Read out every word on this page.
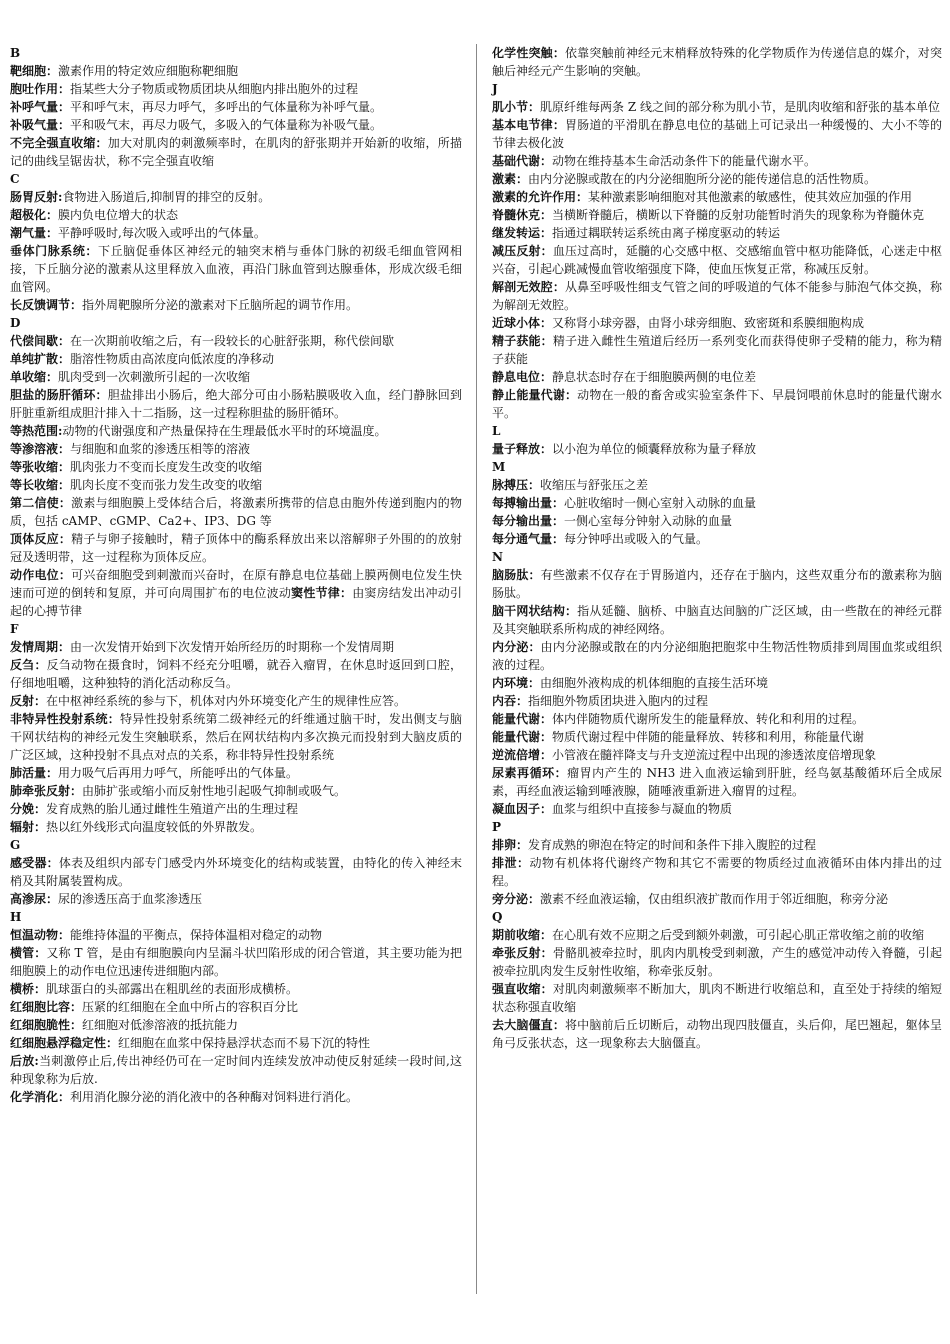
B

靶细胞：激素作用的特定效应细胞称靶细胞

胞吐作用：指某些大分子物质或物质团块从细胞内排出胞外的过程

补呼气量：平和呼气末，再尽力呼气，多呼出的气体量称为补呼气量。

补吸气量：平和吸气末，再尽力吸气，多吸入的气体量称为补吸气量。

不完全强直收缩：加大对肌肉的刺激频率时，在肌肉的舒张期并开始新的收缩，所描记的曲线呈锯齿状，称不完全强直收缩

C

肠胃反射:食物进入肠道后,抑制胃的排空的反射。

超极化：膜内负电位增大的状态

潮气量：平静呼吸时,每次吸入或呼出的气体量。

垂体门脉系统：下丘脑促垂体区神经元的轴突末梢与垂体门脉的初级毛细血管网相接，下丘脑分泌的激素从这里释放入血液，再沿门脉血管到达腺垂体，形成次级毛细血管网。

长反馈调节：指外周靶腺所分泌的激素对下丘脑所起的调节作用。

D

代偿间歇：在一次期前收缩之后，有一段较长的心脏舒张期，称代偿间歇

单纯扩散：脂溶性物质由高浓度向低浓度的净移动

单收缩：肌肉受到一次刺激所引起的一次收缩

胆盐的肠肝循环：胆盐排出小肠后，绝大部分可由小肠粘膜吸收入血，经门静脉回到肝脏重新组成胆汁排入十二指肠，这一过程称胆盐的肠肝循环。

等热范围:动物的代谢强度和产热量保持在生理最低水平时的环境温度。

等渗溶液：与细胞和血浆的渗透压相等的溶液

等张收缩：肌肉张力不变而长度发生改变的收缩

等长收缩：肌肉长度不变而张力发生改变的收缩

第二信使：激素与细胞膜上受体结合后，将激素所携带的信息由胞外传递到胞内的物质，包括 cAMP、cGMP、Ca2+、IP3、DG 等

顶体反应：精子与卵子接触时，精子顶体中的酶系释放出来以溶解卵子外围的的放射冠及透明带，这一过程称为顶体反应。

动作电位：可兴奋细胞受到刺激而兴奋时，在原有静息电位基础上膜两侧电位发生快速而可逆的倒转和复原，并可向周围扩布的电位波动窦性节律：由窦房结发出冲动引起的心搏节律

F

发情周期：由一次发情开始到下次发情开始所经历的时期称一个发情周期

反刍：反刍动物在摄食时，饲料不经充分咀嚼，就吞入瘤胃，在休息时返回到口腔，仔细地咀嚼，这种独特的消化活动称反刍。

反射：在中枢神经系统的参与下，机体对内外环境变化产生的规律性应答。

非特异性投射系统：特异性投射系统第二级神经元的纤维通过脑干时，发出侧支与脑干网状结构的神经元发生突触联系，然后在网状结构内多次换元而投射到大脑皮质的广泛区域，这种投射不具点对点的关系，称非特异性投射系统

肺活量：用力吸气后再用力呼气，所能呼出的气体量。

肺牵张反射：由肺扩张或缩小而反射性地引起吸气抑制或吸气。

分娩：发育成熟的胎儿通过雌性生殖道产出的生理过程

辐射：热以红外线形式向温度较低的外界散发。

G

感受器：体表及组织内部专门感受内外环境变化的结构或装置，由特化的传入神经末梢及其附属装置构成。

高渗尿：尿的渗透压高于血浆渗透压

H

恒温动物：能维持体温的平衡点，保持体温相对稳定的动物

横管：又称 T 管，是由有细胞膜向内呈漏斗状凹陷形成的闭合管道，其主要功能为把细胞膜上的动作电位迅速传进细胞内部。

横桥：肌球蛋白的头部露出在粗肌丝的表面形成横桥。

红细胞比容：压紧的红细胞在全血中所占的容积百分比

红细胞脆性：红细胞对低渗溶液的抵抗能力

红细胞悬浮稳定性：红细胞在血浆中保持悬浮状态而不易下沉的特性

后放:当刺激停止后,传出神经仍可在一定时间内连续发放冲动使反射延续一段时间,这种现象称为后放.

化学消化：利用消化腺分泌的消化液中的各种酶对饲料进行消化。

化学性突触：依靠突触前神经元末梢释放特殊的化学物质作为传递信息的媒介，对突触后神经元产生影响的突触。

J

肌小节：肌原纤维每两条 Z 线之间的部分称为肌小节，是肌肉收缩和舒张的基本单位

基本电节律：胃肠道的平滑肌在静息电位的基础上可记录出一种缓慢的、大小不等的节律去极化波

基础代谢：动物在维持基本生命活动条件下的能量代谢水平。

激素：由内分泌腺或散在的内分泌细胞所分泌的能传递信息的活性物质。

激素的允许作用：某种激素影响细胞对其他激素的敏感性，使其效应加强的作用

脊髓休克：当横断脊髓后，横断以下脊髓的反射功能暂时消失的现象称为脊髓休克

继发转运：指通过耦联转运系统由离子梯度驱动的转运

减压反射：血压过高时，延髓的心交感中枢、交感缩血管中枢功能降低，心迷走中枢兴奋，引起心跳减慢血管收缩强度下降，使血压恢复正常，称减压反射。

解剖无效腔：从鼻至呼吸性细支气管之间的呼吸道的气体不能参与肺泡气体交换，称为解剖无效腔。

近球小体：又称肾小球旁器，由肾小球旁细胞、致密斑和系膜细胞构成

精子获能：精子进入雌性生殖道后经历一系列变化而获得使卵子受精的能力，称为精子获能

静息电位：静息状态时存在于细胞膜两侧的电位差

静止能量代谢：动物在一般的畜舍或实验室条件下、早晨饲喂前休息时的能量代谢水平。

L

量子释放：以小泡为单位的倾囊释放称为量子释放

M

脉搏压：收缩压与舒张压之差

每搏输出量：心脏收缩时一侧心室射入动脉的血量

每分输出量：一侧心室每分钟射入动脉的血量

每分通气量：每分钟呼出或吸入的气量。

N

脑肠肽：有些激素不仅存在于胃肠道内，还存在于脑内，这些双重分布的激素称为脑肠肽。

脑干网状结构：指从延髓、脑桥、中脑直达间脑的广泛区域，由一些散在的神经元群及其突触联系所构成的神经网络。

内分泌：由内分泌腺或散在的内分泌细胞把胞浆中生物活性物质排到周围血浆或组织液的过程。

内环境：由细胞外液构成的机体细胞的直接生活环境

内吞：指细胞外物质团块进入胞内的过程

能量代谢：体内伴随物质代谢所发生的能量释放、转化和利用的过程。

能量代谢：物质代谢过程中伴随的能量释放、转移和利用，称能量代谢

逆流倍增：小管液在髓袢降支与升支逆流过程中出现的渗透浓度倍增现象

尿素再循环：瘤胃内产生的 NH3 进入血液运输到肝脏，经鸟氨基酸循环后全成尿素，再经血液运输到唾液腺，随唾液重新进入瘤胃的过程。

凝血因子：血浆与组织中直接参与凝血的物质

P

排卵：发育成熟的卵泡在特定的时间和条件下排入腹腔的过程

排泄：动物有机体将代谢终产物和其它不需要的物质经过血液循环由体内排出的过程。

旁分泌：激素不经血液运输，仅由组织液扩散而作用于邻近细胞，称旁分泌

Q

期前收缩：在心肌有效不应期之后受到额外刺激，可引起心肌正常收缩之前的收缩

牵张反射：骨骼肌被牵拉时，肌肉内肌梭受到刺激，产生的感觉冲动传入脊髓，引起被牵拉肌肉发生反射性收缩，称牵张反射。

强直收缩：对肌肉刺激频率不断加大，肌肉不断进行收缩总和，直至处于持续的缩短状态称强直收缩

去大脑僵直：将中脑前后丘切断后，动物出现四肢僵直，头后仰，尾巴翘起，躯体呈角弓反张状态，这一现象称去大脑僵直。
